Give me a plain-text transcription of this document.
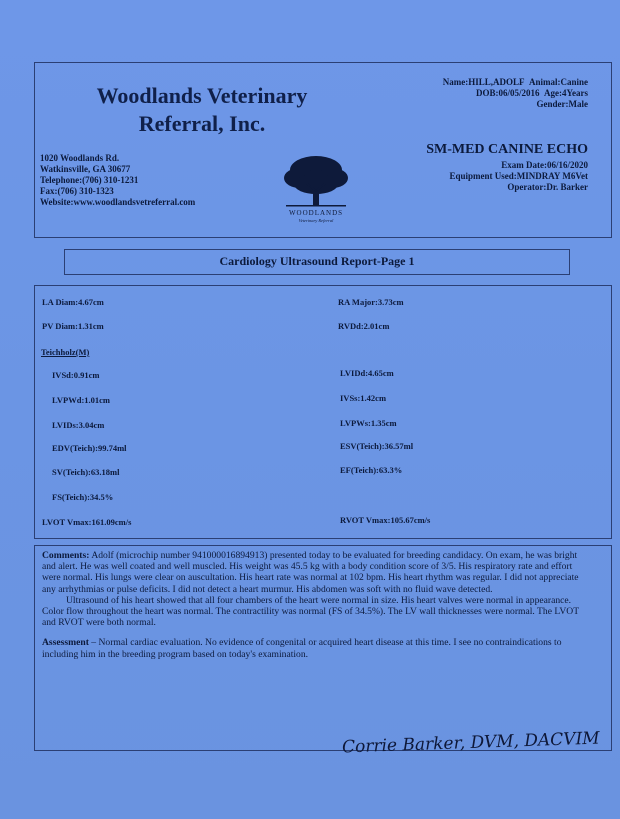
Woodlands Veterinary
Referral, Inc.
1020 Woodlands Rd.
Watkinsville, GA 30677
Telephone:(706) 310-1231
Fax:(706) 310-1323
Website:www.woodlandsvetreferral.com
WOODLANDS
Veterinary Referral
Name:HILL,ADOLF Animal:Canine
DOB:06/05/2016 Age:4Years
Gender:Male
SM-MED CANINE ECHO
Exam Date:06/16/2020
Equipment Used:MINDRAY M6Vet
Operator:Dr. Barker
Cardiology Ultrasound Report-Page 1
LA Diam:4.67cm	RA Major:3.73cm
PV Diam:1.31cm	RVDd:2.01cm
Teichholz(M)
IVSd:0.91cm	LVIDd:4.65cm
LVPWd:1.01cm	IVSs:1.42cm
LVIDs:3.04cm	LVPWs:1.35cm
EDV(Teich):99.74ml	ESV(Teich):36.57ml
SV(Teich):63.18ml	EF(Teich):63.3%
FS(Teich):34.5%
LVOT Vmax:161.09cm/s	RVOT Vmax:105.67cm/s

Comments: Adolf (microchip number 941000016894913) presented today to be evaluated for breeding candidacy. On exam, he was bright and alert. He was well coated and well muscled. His weight was 45.5 kg with a body condition score of 3/5. His respiratory rate and effort were normal. His lungs were clear on auscultation. His heart rate was normal at 102 bpm. His heart rhythm was regular. I did not appreciate any arrhythmias or pulse deficits. I did not detect a heart murmur. His abdomen was soft with no fluid wave detected.

Ultrasound of his heart showed that all four chambers of the heart were normal in size. His heart valves were normal in appearance. Color flow throughout the heart was normal. The contractility was normal (FS of 34.5%). The LV wall thicknesses were normal. The LVOT and RVOT were both normal.

Assessment – Normal cardiac evaluation. No evidence of congenital or acquired heart disease at this time. I see no contraindications to including him in the breeding program based on today's examination.

Corrie Barker, DVM, DACVIM
